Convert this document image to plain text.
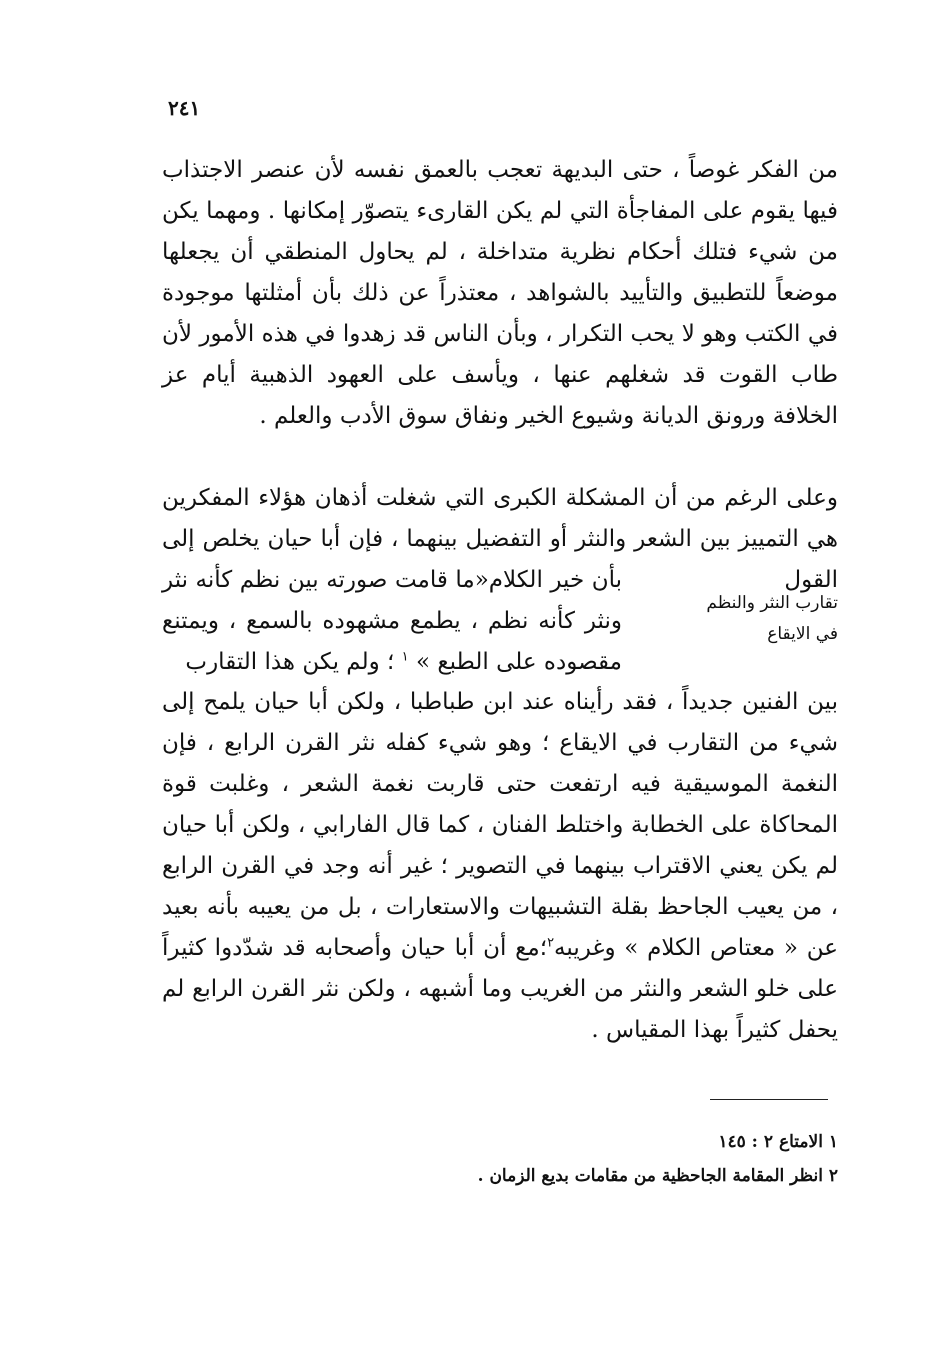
٢٤١
من الفكر غوصاً ، حتى البديهة تعجب بالعمق نفسه لأن عنصر الاجتذاب فيها يقوم على المفاجأة التي لم يكن القارىء يتصوّر إمكانها . ومهما يكن من شيء فتلك أحكام نظرية متداخلة ، لم يحاول المنطقي أن يجعلها موضعاً للتطبيق والتأييد بالشواهد ، معتذراً عن ذلك بأن أمثلتها موجودة في الكتب وهو لا يحب التكرار ، وبأن الناس قد زهدوا في هذه الأمور لأن طاب القوت قد شغلهم عنها ، ويأسف على العهود الذهبية أيام عز الخلافة ورونق الديانة وشيوع الخير ونفاق سوق الأدب والعلم .
وعلى الرغم من أن المشكلة الكبرى التي شغلت أذهان هؤلاء المفكرين هي التمييز بين الشعر والنثر أو التفضيل بينهما ، فإن أبا حيان يخلص إلى القول
بأن خير الكلام«ما قامت صورته بين نظم كأنه نثر ونثر كأنه نظم ، يطمع مشهوده بالسمع ، ويمتنع مقصوده على الطبع » $^١$ ؛ ولم يكن هذا التقارب
تقارب النثر والنظم
في الايقاع
بين الفنين جديداً ، فقد رأيناه عند ابن طباطبا ، ولكن أبا حيان يلمح إلى شيء من التقارب في الايقاع ؛ وهو شيء كفله نثر القرن الرابع ، فإن النغمة الموسيقية فيه ارتفعت حتى قاربت نغمة الشعر ، وغلبت قوة المحاكاة على الخطابة واختلط الفنان ، كما قال الفارابي ، ولكن أبا حيان لم يكن يعني الاقتراب بينهما في التصوير ؛ غير أنه وجد في القرن الرابع ، من يعيب الجاحظ بقلة التشبيهات والاستعارات ، بل من يعيبه بأنه بعيد عن « معتاص الكلام » وغريبه$^٢$؛مع أن أبا حيان وأصحابه قد شدّدوا كثيراً على خلو الشعر والنثر من الغريب وما أشبهه ، ولكن نثر القرن الرابع لم يحفل كثيراً بهذا المقياس .
١ الامتاع ٢ : ١٤٥
٢ انظر المقامة الجاحظية من مقامات بديع الزمان .
